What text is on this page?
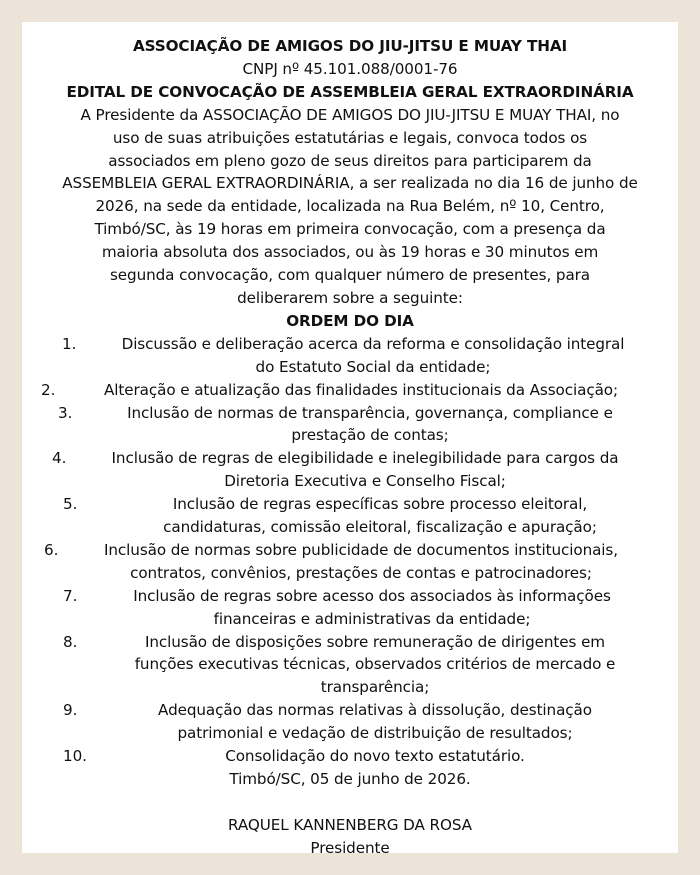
ASSOCIAÇÃO DE AMIGOS DO JIU-JITSU E MUAY THAI

CNPJ nº 45.101.088/0001-76

EDITAL DE CONVOCAÇÃO DE ASSEMBLEIA GERAL EXTRAORDINÁRIA

A Presidente da ASSOCIAÇÃO DE AMIGOS DO JIU-JITSU E MUAY THAI, no

uso de suas atribuições estatutárias e legais, convoca todos os

associados em pleno gozo de seus direitos para participarem da

ASSEMBLEIA GERAL EXTRAORDINÁRIA, a ser realizada no dia 16 de junho de

2026, na sede da entidade, localizada na Rua Belém, nº 10, Centro,

Timbó/SC, às 19 horas em primeira convocação, com a presença da

maioria absoluta dos associados, ou às 19 horas e 30 minutos em

segunda convocação, com qualquer número de presentes, para

deliberarem sobre a seguinte:

ORDEM DO DIA

1.	Discussão e deliberação acerca da reforma e consolidação integral
do Estatuto Social da entidade;
2.	Alteração e atualização das finalidades institucionais da Associação;
3.	Inclusão de normas de transparência, governança, compliance e
prestação de contas;
4.	Inclusão de regras de elegibilidade e inelegibilidade para cargos da
Diretoria Executiva e Conselho Fiscal;
5.	Inclusão de regras específicas sobre processo eleitoral,
candidaturas, comissão eleitoral, fiscalização e apuração;
6.	Inclusão de normas sobre publicidade de documentos institucionais,
contratos, convênios, prestações de contas e patrocinadores;
7.	Inclusão de regras sobre acesso dos associados às informações
financeiras e administrativas da entidade;
8.	Inclusão de disposições sobre remuneração de dirigentes em
funções executivas técnicas, observados critérios de mercado e
transparência;
9.	Adequação das normas relativas à dissolução, destinação
patrimonial e vedação de distribuição de resultados;
10.	Consolidação do novo texto estatutário.

Timbó/SC, 05 de junho de 2026.

RAQUEL KANNENBERG DA ROSA

Presidente
